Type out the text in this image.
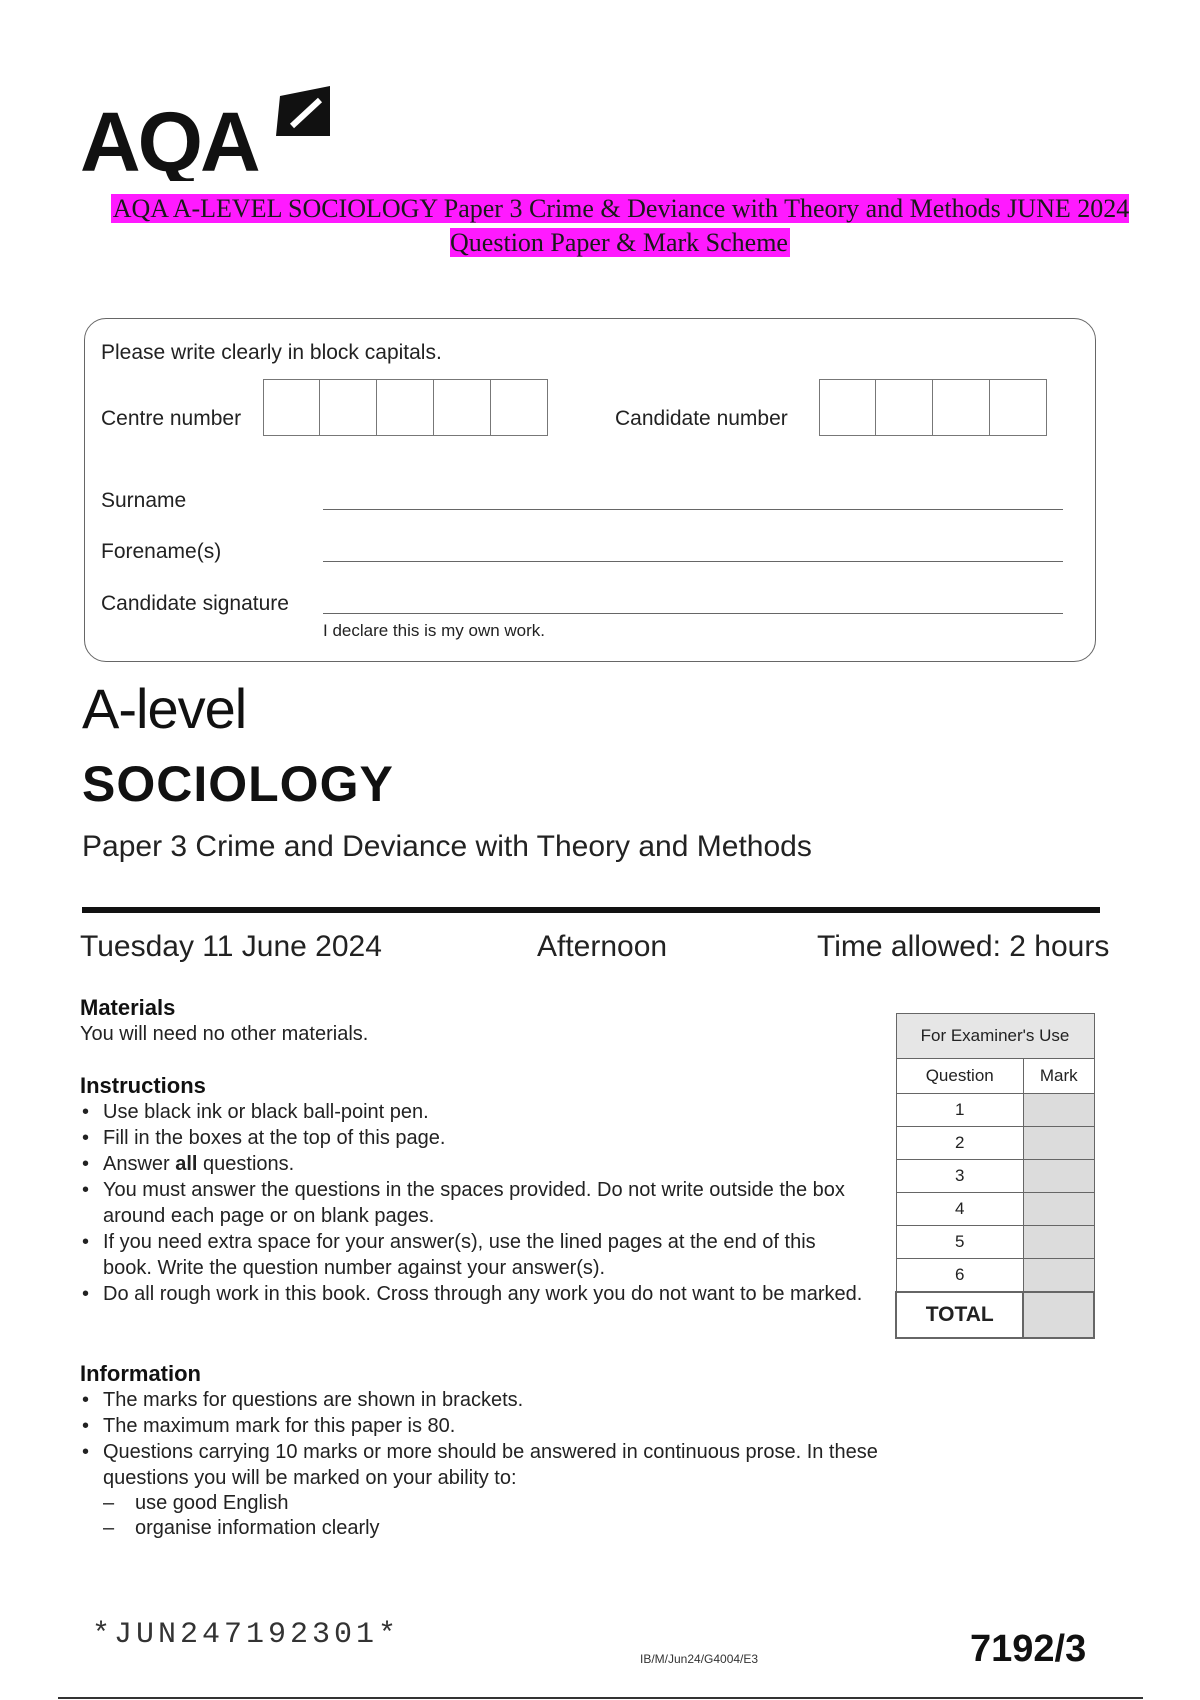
AQA
AQA A-LEVEL SOCIOLOGY Paper 3 Crime & Deviance with Theory and Methods JUNE 2024 Question Paper & Mark Scheme
Please write clearly in block capitals.
Centre number	Candidate number
Surname
Forename(s)
Candidate signature
I declare this is my own work.
A-level
SOCIOLOGY
Paper 3 Crime and Deviance with Theory and Methods
Tuesday 11 June 2024	Afternoon	Time allowed: 2 hours
Materials
You will need no other materials.
Instructions
• Use black ink or black ball-point pen.
• Fill in the boxes at the top of this page.
• Answer all questions.
• You must answer the questions in the spaces provided. Do not write outside the box around each page or on blank pages.
• If you need extra space for your answer(s), use the lined pages at the end of this book. Write the question number against your answer(s).
• Do all rough work in this book. Cross through any work you do not want to be marked.
Information
• The marks for questions are shown in brackets.
• The maximum mark for this paper is 80.
• Questions carrying 10 marks or more should be answered in continuous prose. In these questions you will be marked on your ability to:
– use good English
– organise information clearly
For Examiner's Use	
Question	Mark
1	
2	
3	
4	
5	
6	
TOTAL	
*JUN247192301*
IB/M/Jun24/G4004/E3	7192/3
